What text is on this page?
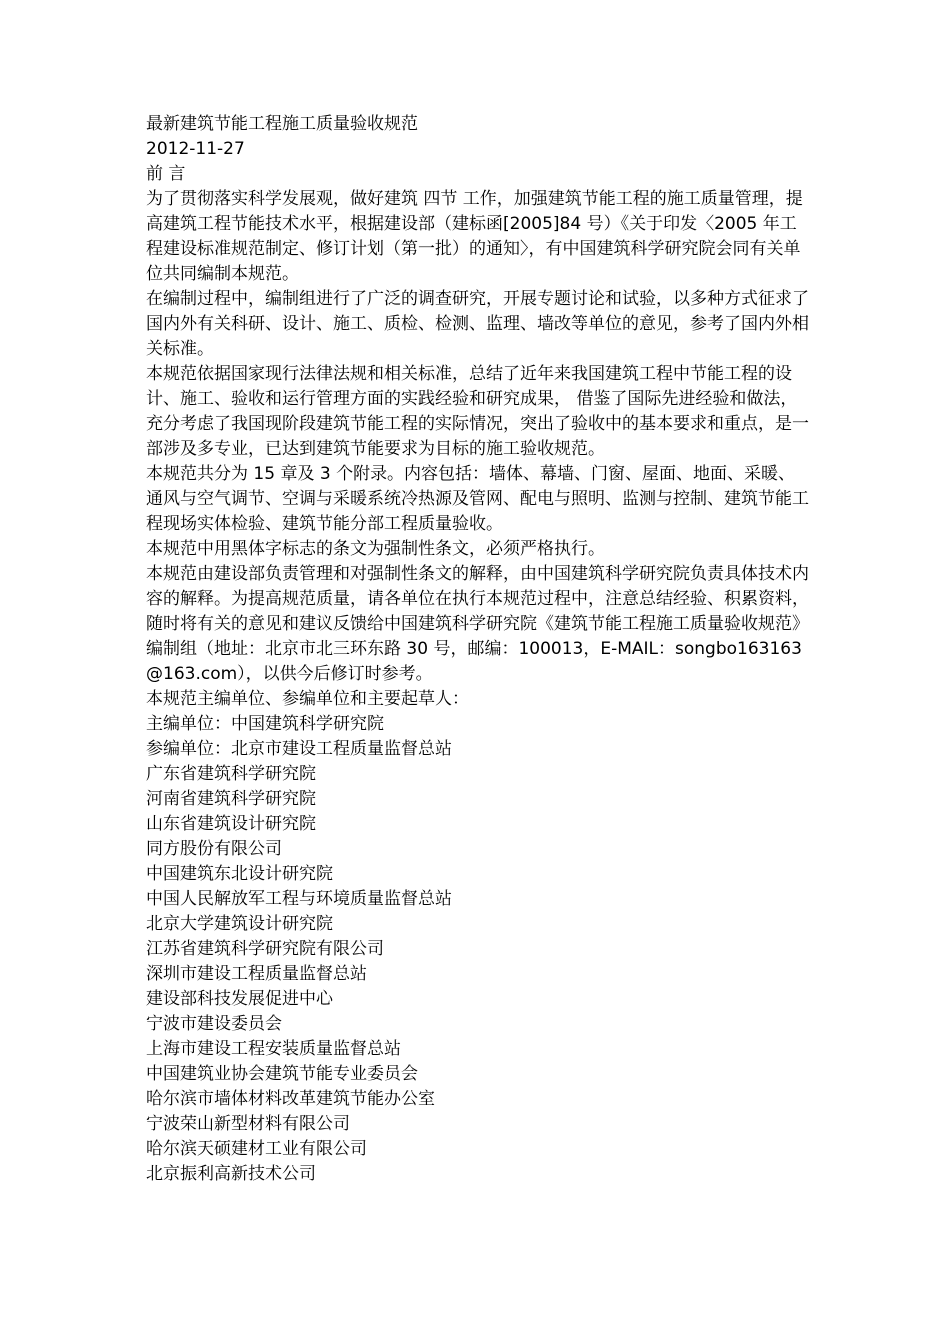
最新建筑节能工程施工质量验收规范

2012-11-27

前 言

为了贯彻落实科学发展观，做好建筑 四节 工作，加强建筑节能工程的施工质量管理，提高建筑工程节能技术水平，根据建设部（建标函[2005]84 号）《关于印发〈2005 年工程建设标准规范制定、修订计划（第一批）的通知〉，有中国建筑科学研究院会同有关单位共同编制本规范。

在编制过程中，编制组进行了广泛的调查研究，开展专题讨论和试验，以多种方式征求了国内外有关科研、设计、施工、质检、检测、监理、墙改等单位的意见，参考了国内外相关标准。

本规范依据国家现行法律法规和相关标准，总结了近年来我国建筑工程中节能工程的设计、施工、验收和运行管理方面的实践经验和研究成果， 借鉴了国际先进经验和做法，充分考虑了我国现阶段建筑节能工程的实际情况，突出了验收中的基本要求和重点，是一部涉及多专业，已达到建筑节能要求为目标的施工验收规范。

本规范共分为 15 章及 3 个附录。内容包括：墙体、幕墙、门窗、屋面、地面、采暖、通风与空气调节、空调与采暖系统冷热源及管网、配电与照明、监测与控制、建筑节能工程现场实体检验、建筑节能分部工程质量验收。

本规范中用黑体字标志的条文为强制性条文，必须严格执行。

本规范由建设部负责管理和对强制性条文的解释，由中国建筑科学研究院负责具体技术内容的解释。为提高规范质量，请各单位在执行本规范过程中，注意总结经验、积累资料，随时将有关的意见和建议反馈给中国建筑科学研究院《建筑节能工程施工质量验收规范》编制组（地址：北京市北三环东路 30 号，邮编：100013，E-MAIL：songbo163163@163.com），以供今后修订时参考。

本规范主编单位、参编单位和主要起草人：

主编单位：中国建筑科学研究院

参编单位：北京市建设工程质量监督总站

广东省建筑科学研究院

河南省建筑科学研究院

山东省建筑设计研究院

同方股份有限公司

中国建筑东北设计研究院

中国人民解放军工程与环境质量监督总站

北京大学建筑设计研究院

江苏省建筑科学研究院有限公司

深圳市建设工程质量监督总站

建设部科技发展促进中心

宁波市建设委员会

上海市建设工程安装质量监督总站

中国建筑业协会建筑节能专业委员会

哈尔滨市墙体材料改革建筑节能办公室

宁波荣山新型材料有限公司

哈尔滨天硕建材工业有限公司

北京振利高新技术公司
